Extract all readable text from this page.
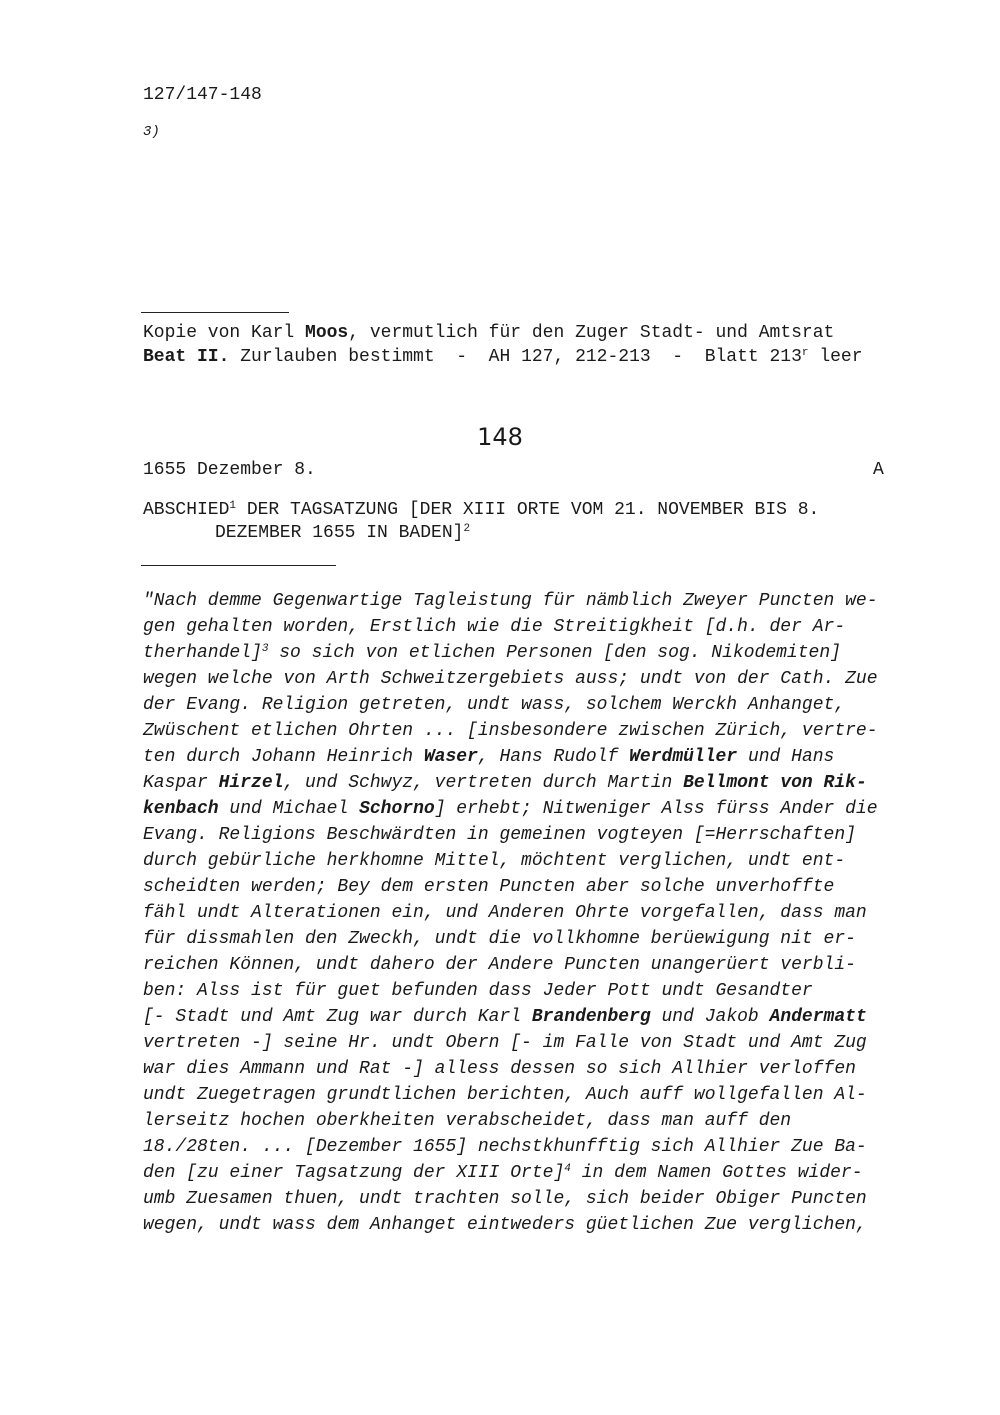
127/147-148

3)

Kopie von Karl Moos, vermutlich für den Zuger Stadt- und Amtsrat

Beat II. Zurlauben bestimmt  -  AH 127, 212-213  -  Blatt 213$^r$ leer

148

1655 Dezember 8.	A

ABSCHIED$^1$ DER TAGSATZUNG [DER XIII ORTE VOM 21. NOVEMBER BIS 8.

DEZEMBER 1655 IN BADEN]$^2$

"Nach demme Gegenwartige Tagleistung für nämblich Zweyer Puncten we-
gen gehalten worden, Erstlich wie die Streitigkheit [d.h. der Ar-
therhandel]$^3$ so sich von etlichen Personen [den sog. Nikodemiten]
wegen welche von Arth Schweitzergebiets auss; undt von der Cath. Zue
der Evang. Religion getreten, undt wass, solchem Werckh Anhanget,
Zwüschent etlichen Ohrten ... [insbesondere zwischen Zürich, vertre-
ten durch Johann Heinrich Waser, Hans Rudolf Werdmüller und Hans
Kaspar Hirzel, und Schwyz, vertreten durch Martin Bellmont von Rik-
kenbach und Michael Schorno] erhebt; Nitweniger Alss fürss Ander die
Evang. Religions Beschwärdten in gemeinen vogteyen [=Herrschaften]
durch gebürliche herkhomne Mittel, möchtent verglichen, undt ent-
scheidten werden; Bey dem ersten Puncten aber solche unverhoffte
fähl undt Alterationen ein, und Anderen Ohrte vorgefallen, dass man
für dissmahlen den Zweckh, undt die vollkhomne berüewigung nit er-
reichen Können, undt dahero der Andere Puncten unangerüert verbli-
ben: Alss ist für guet befunden dass Jeder Pott undt Gesandter
[- Stadt und Amt Zug war durch Karl Brandenberg und Jakob Andermatt
vertreten -] seine Hr. undt Obern [- im Falle von Stadt und Amt Zug
war dies Ammann und Rat -] alless dessen so sich Allhier verloffen
undt Zuegetragen grundtlichen berichten, Auch auff wollgefallen Al-
lerseitz hochen oberkheiten verabscheidet, dass man auff den
18./28ten. ... [Dezember 1655] nechstkhunfftig sich Allhier Zue Ba-
den [zu einer Tagsatzung der XIII Orte]$^4$ in dem Namen Gottes wider-
umb Zuesamen thuen, undt trachten solle, sich beider Obiger Puncten
wegen, undt wass dem Anhanget eintweders güetlichen Zue verglichen,
